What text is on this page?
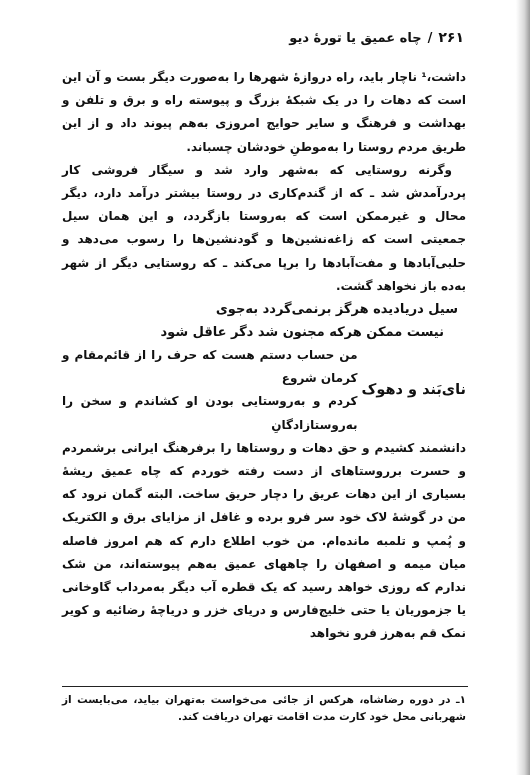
۲۶۱
/
چاه عمیق یا تورهٔ دیو

داشت،¹ ناچار باید، راه دروازهٔ شهرها را به‌صورت دیگر بست و آن این است که دهات را در یک شبکهٔ بزرگ و پیوسته راه و برق و تلفن و بهداشت و فرهنگ و سایر حوایج امروزی به‌هم پیوند داد و از این طریق مردم روستا را به‌موطنِ خودشان چسباند.

وگرنه روستایی که به‌شهر وارد شد و سیگار فروشی کار پردرآمدش شد ـ که از گندم‌کاری در روستا بیشتر درآمد دارد، دیگر محال و غیرممکن است که به‌روستا بازگردد، و این همان سیل جمعیتی است که زاغه‌نشین‌ها و گودنشین‌ها را رسوب می‌دهد و حلبی‌آبادها و مفت‌آبادها را برپا می‌کند ـ که روستایی دیگر از شهر به‌ده باز نخواهد گشت.

سیل دریادیده هرگز برنمی‌گردد به‌جوی

نیست ممکن هرکه مجنون شد دگر عاقل شود

نای‌بَند و دهوک

من حساب دستم هست که حرف را از قائم‌مقام و کرمان شروع

کردم و به‌روستایی بودن او کشاندم و سخن را به‌روستازادگانِ

دانشمند کشیدم و حق دهات و روستاها را برفرهنگ ایرانی برشمردم و حسرت برروستاهای از دست رفته خوردم که چاه عمیق ریشهٔ بسیاری از این دهات عریق را دچار حریق ساخت. البته گمان نرود که من در گوشهٔ لاک خود سر فرو برده و غافل از مزایای برق و الکتریک و پُمپ و تلمبه مانده‌ام. من خوب اطلاع دارم که هم امروز فاصله میان میمه و اصفهان را چاههای عمیق به‌هم پیوسته‌اند، من شک ندارم که روزی خواهد رسید که یک قطره آب دیگر به‌مرداب گاوخانی یا جزموریان یا حتی خلیج‌فارس و دریای خزر و دریاچهٔ رضائیه و کویر نمک قم به‌هرز فرو نخواهد

۱ـ در دوره رضاشاه، هرکس از جائی می‌خواست به‌تهران بیاید، می‌بایست از شهربانی محل خود کارت مدت اقامت تهران دریافت کند.
